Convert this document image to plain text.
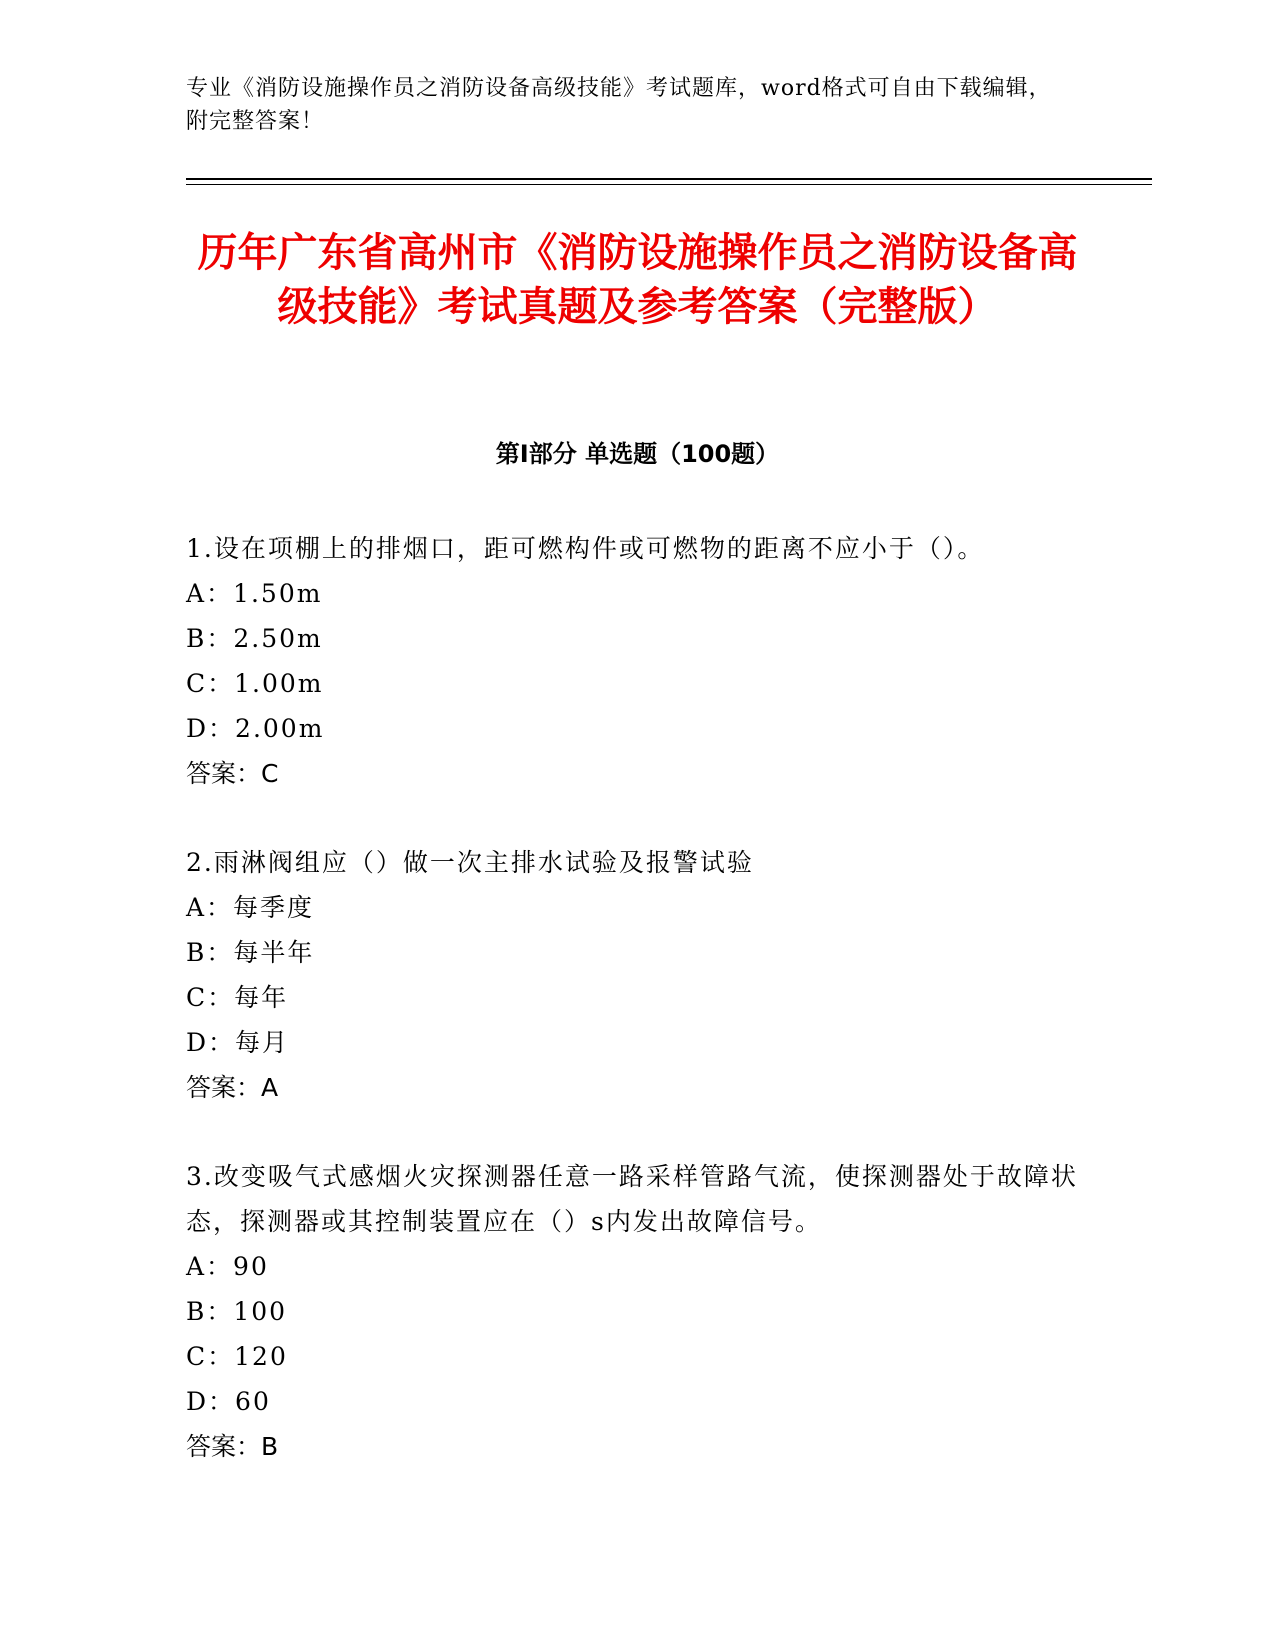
专业《消防设施操作员之消防设备高级技能》考试题库，word格式可自由下载编辑，附完整答案！
历年广东省高州市《消防设施操作员之消防设备高级技能》考试真题及参考答案（完整版）
第Ⅰ部分 单选题（100题）
1.设在项棚上的排烟口，距可燃构件或可燃物的距离不应小于（）。
A：1.50m
B：2.50m
C：1.00m
D：2.00m
答案：C
2.雨淋阀组应（）做一次主排水试验及报警试验
A：每季度
B：每半年
C：每年
D：每月
答案：A
3.改变吸气式感烟火灾探测器任意一路采样管路气流，使探测器处于故障状态，探测器或其控制装置应在（）s内发出故障信号。
A：90
B：100
C：120
D：60
答案：B
